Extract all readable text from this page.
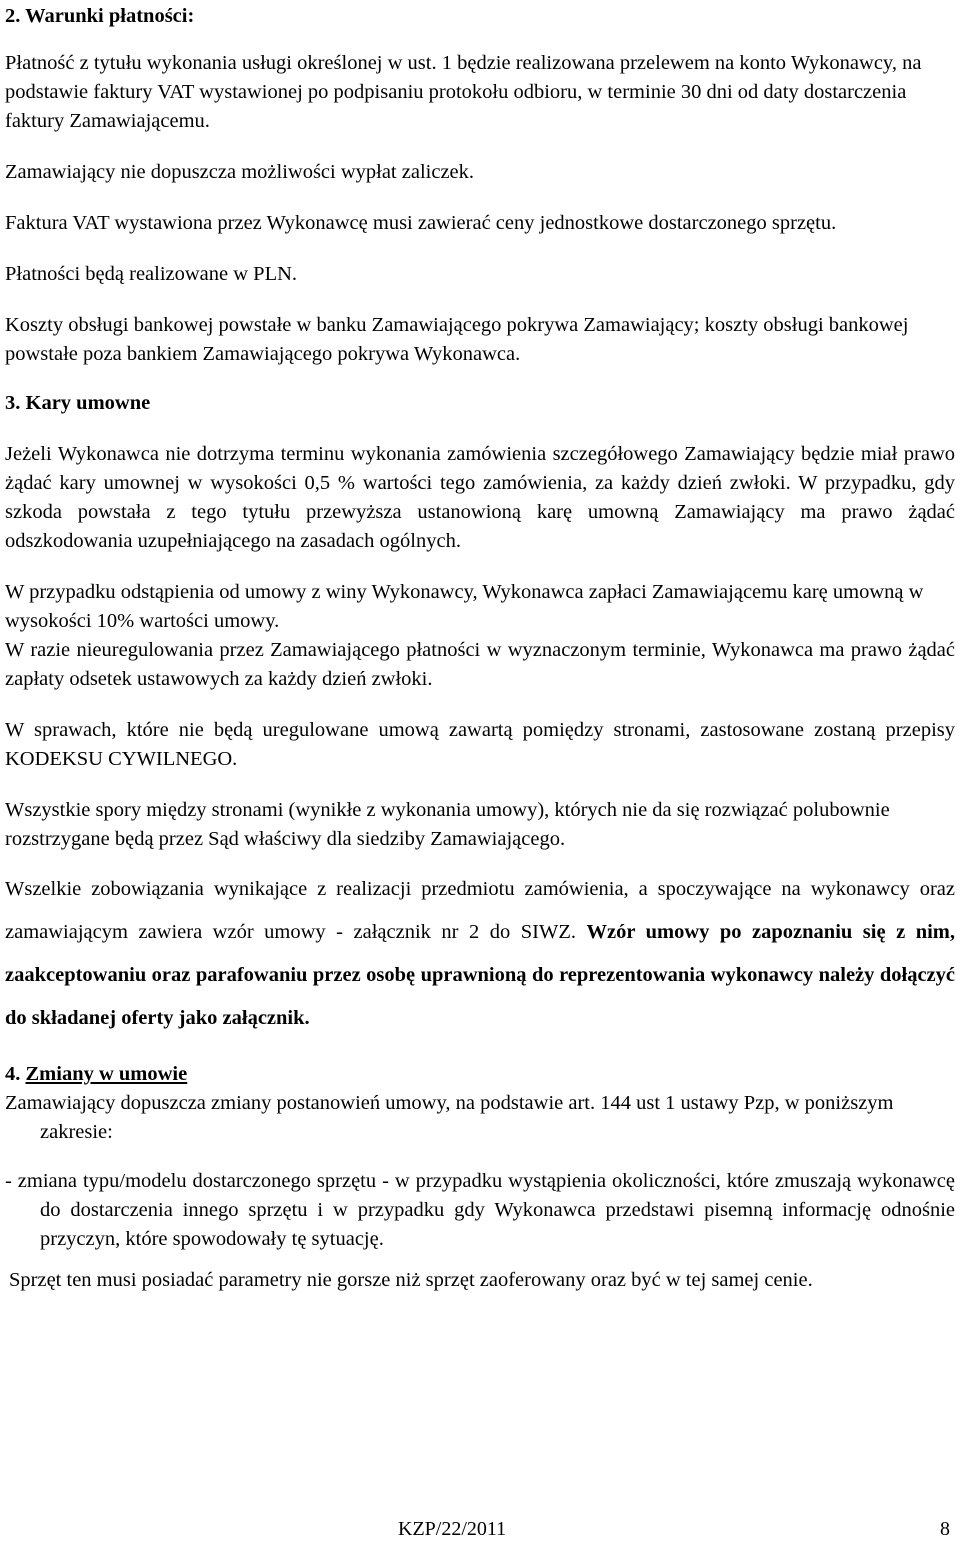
2. Warunki płatności:

Płatność z tytułu wykonania usługi określonej w ust. 1 będzie realizowana przelewem na konto Wykonawcy, na podstawie faktury VAT wystawionej po podpisaniu protokołu odbioru, w terminie 30 dni od daty dostarczenia faktury Zamawiającemu.

Zamawiający nie dopuszcza możliwości wypłat zaliczek.

Faktura VAT wystawiona przez Wykonawcę musi zawierać ceny jednostkowe dostarczonego sprzętu.

Płatności będą realizowane w PLN.

Koszty obsługi bankowej powstałe w banku Zamawiającego pokrywa Zamawiający; koszty obsługi bankowej powstałe poza bankiem Zamawiającego pokrywa Wykonawca.

3. Kary umowne

Jeżeli Wykonawca nie dotrzyma terminu wykonania zamówienia szczegółowego Zamawiający będzie miał prawo żądać kary umownej w wysokości 0,5 % wartości tego zamówienia, za każdy dzień zwłoki. W przypadku, gdy szkoda powstała z tego tytułu przewyższa ustanowioną karę umowną Zamawiający ma prawo żądać odszkodowania uzupełniającego na zasadach ogólnych.

W przypadku odstąpienia od umowy z winy Wykonawcy, Wykonawca zapłaci Zamawiającemu karę umowną w wysokości 10% wartości umowy.

W razie nieuregulowania przez Zamawiającego płatności w wyznaczonym terminie, Wykonawca ma prawo żądać zapłaty odsetek ustawowych za każdy dzień zwłoki.

W sprawach, które nie będą uregulowane umową zawartą pomiędzy stronami, zastosowane zostaną przepisy KODEKSU CYWILNEGO.

Wszystkie spory między stronami (wynikłe z wykonania umowy), których nie da się rozwiązać polubownie rozstrzygane będą przez Sąd właściwy dla siedziby Zamawiającego.

Wszelkie zobowiązania wynikające z realizacji przedmiotu zamówienia, a spoczywające na wykonawcy oraz zamawiającym zawiera wzór umowy - załącznik nr 2 do SIWZ. Wzór umowy po zapoznaniu się z nim, zaakceptowaniu oraz parafowaniu przez osobę uprawnioną do reprezentowania wykonawcy należy dołączyć do składanej oferty jako załącznik.

4. Zmiany w umowie

Zamawiający dopuszcza zmiany postanowień umowy, na podstawie art. 144 ust 1 ustawy Pzp, w poniższym zakresie:

- zmiana typu/modelu dostarczonego sprzętu - w przypadku wystąpienia okoliczności, które zmuszają wykonawcę do dostarczenia innego sprzętu i w przypadku gdy Wykonawca przedstawi pisemną informację odnośnie przyczyn, które spowodowały tę sytuację.

Sprzęt ten musi posiadać parametry nie gorsze niż sprzęt zaoferowany oraz być w tej samej cenie.

KZP/22/2011	8
